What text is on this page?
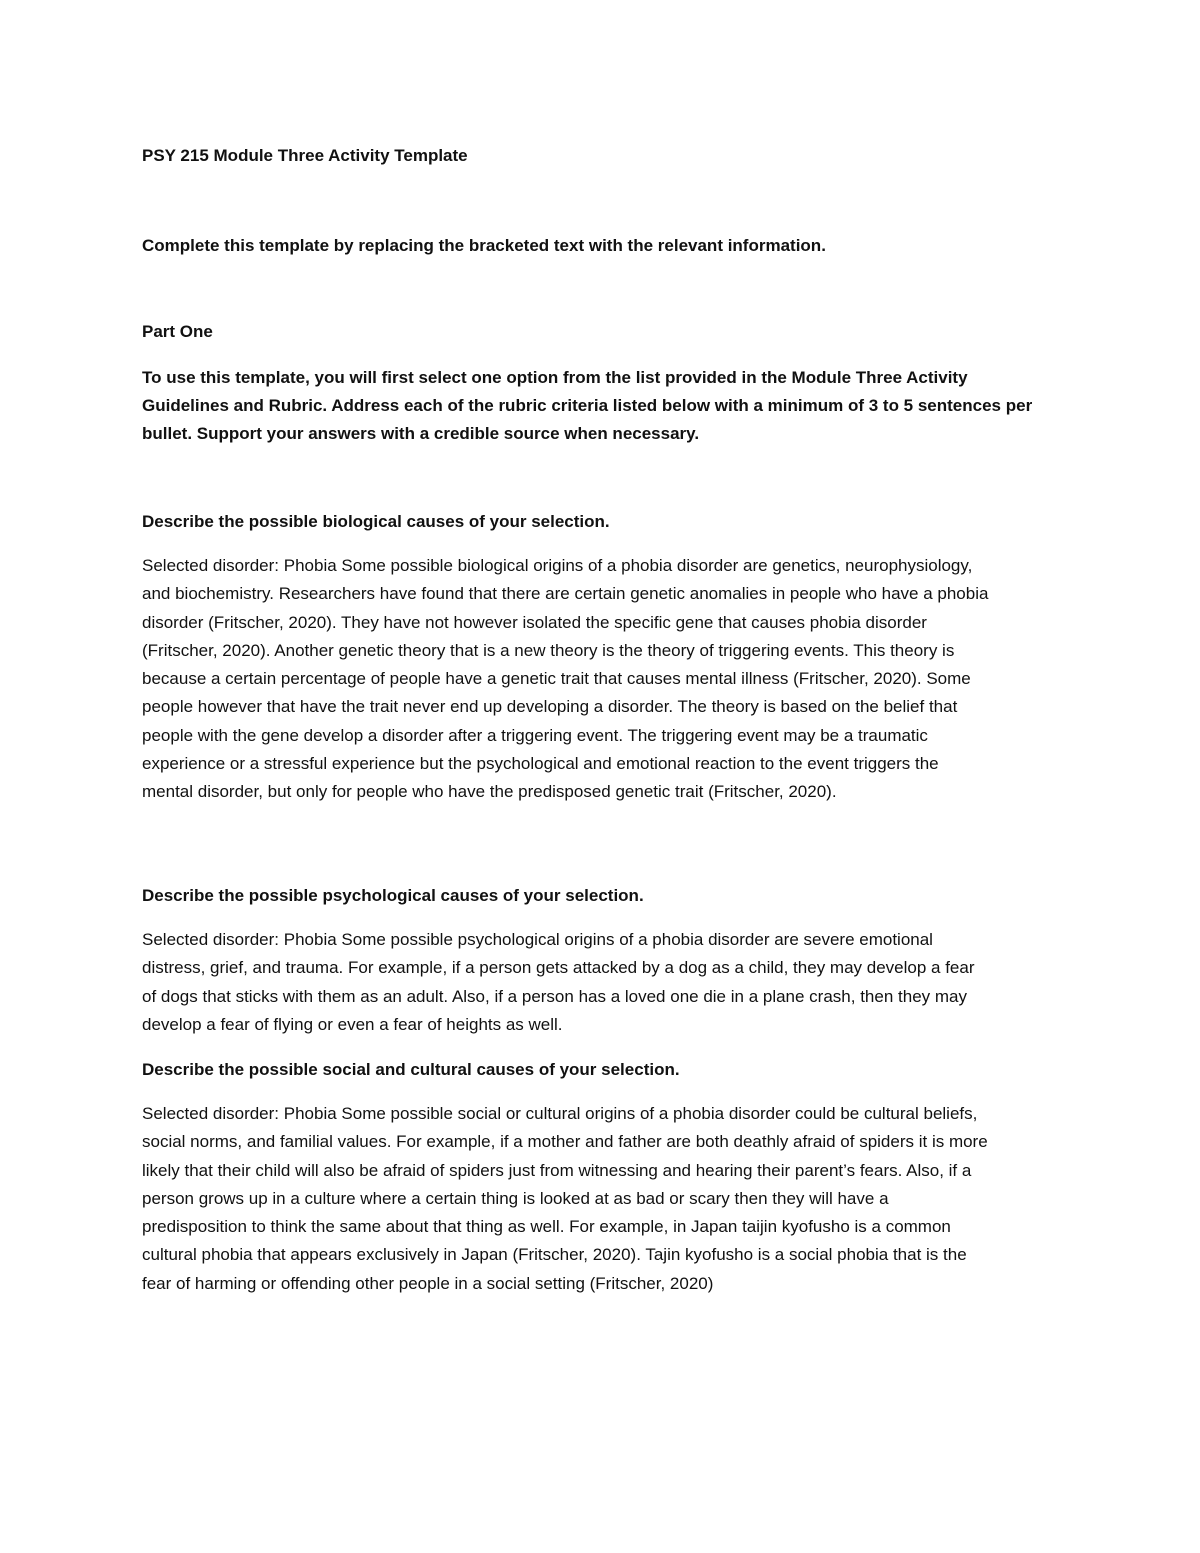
PSY 215 Module Three Activity Template

Complete this template by replacing the bracketed text with the relevant information.

Part One

To use this template, you will first select one option from the list provided in the Module Three Activity Guidelines and Rubric. Address each of the rubric criteria listed below with a minimum of 3 to 5 sentences per bullet. Support your answers with a credible source when necessary.

Describe the possible biological causes of your selection.

Selected disorder: Phobia Some possible biological origins of a phobia disorder are genetics, neurophysiology, and biochemistry. Researchers have found that there are certain genetic anomalies in people who have a phobia disorder (Fritscher, 2020). They have not however isolated the specific gene that causes phobia disorder (Fritscher, 2020). Another genetic theory that is a new theory is the theory of triggering events. This theory is because a certain percentage of people have a genetic trait that causes mental illness (Fritscher, 2020). Some people however that have the trait never end up developing a disorder. The theory is based on the belief that people with the gene develop a disorder after a triggering event. The triggering event may be a traumatic experience or a stressful experience but the psychological and emotional reaction to the event triggers the mental disorder, but only for people who have the predisposed genetic trait (Fritscher, 2020).

Describe the possible psychological causes of your selection.

Selected disorder: Phobia Some possible psychological origins of a phobia disorder are severe emotional distress, grief, and trauma. For example, if a person gets attacked by a dog as a child, they may develop a fear of dogs that sticks with them as an adult. Also, if a person has a loved one die in a plane crash, then they may develop a fear of flying or even a fear of heights as well.

Describe the possible social and cultural causes of your selection.

Selected disorder: Phobia Some possible social or cultural origins of a phobia disorder could be cultural beliefs, social norms, and familial values. For example, if a mother and father are both deathly afraid of spiders it is more likely that their child will also be afraid of spiders just from witnessing and hearing their parent’s fears. Also, if a person grows up in a culture where a certain thing is looked at as bad or scary then they will have a predisposition to think the same about that thing as well. For example, in Japan taijin kyofusho is a common cultural phobia that appears exclusively in Japan (Fritscher, 2020). Tajin kyofusho is a social phobia that is the fear of harming or offending other people in a social setting (Fritscher, 2020)
